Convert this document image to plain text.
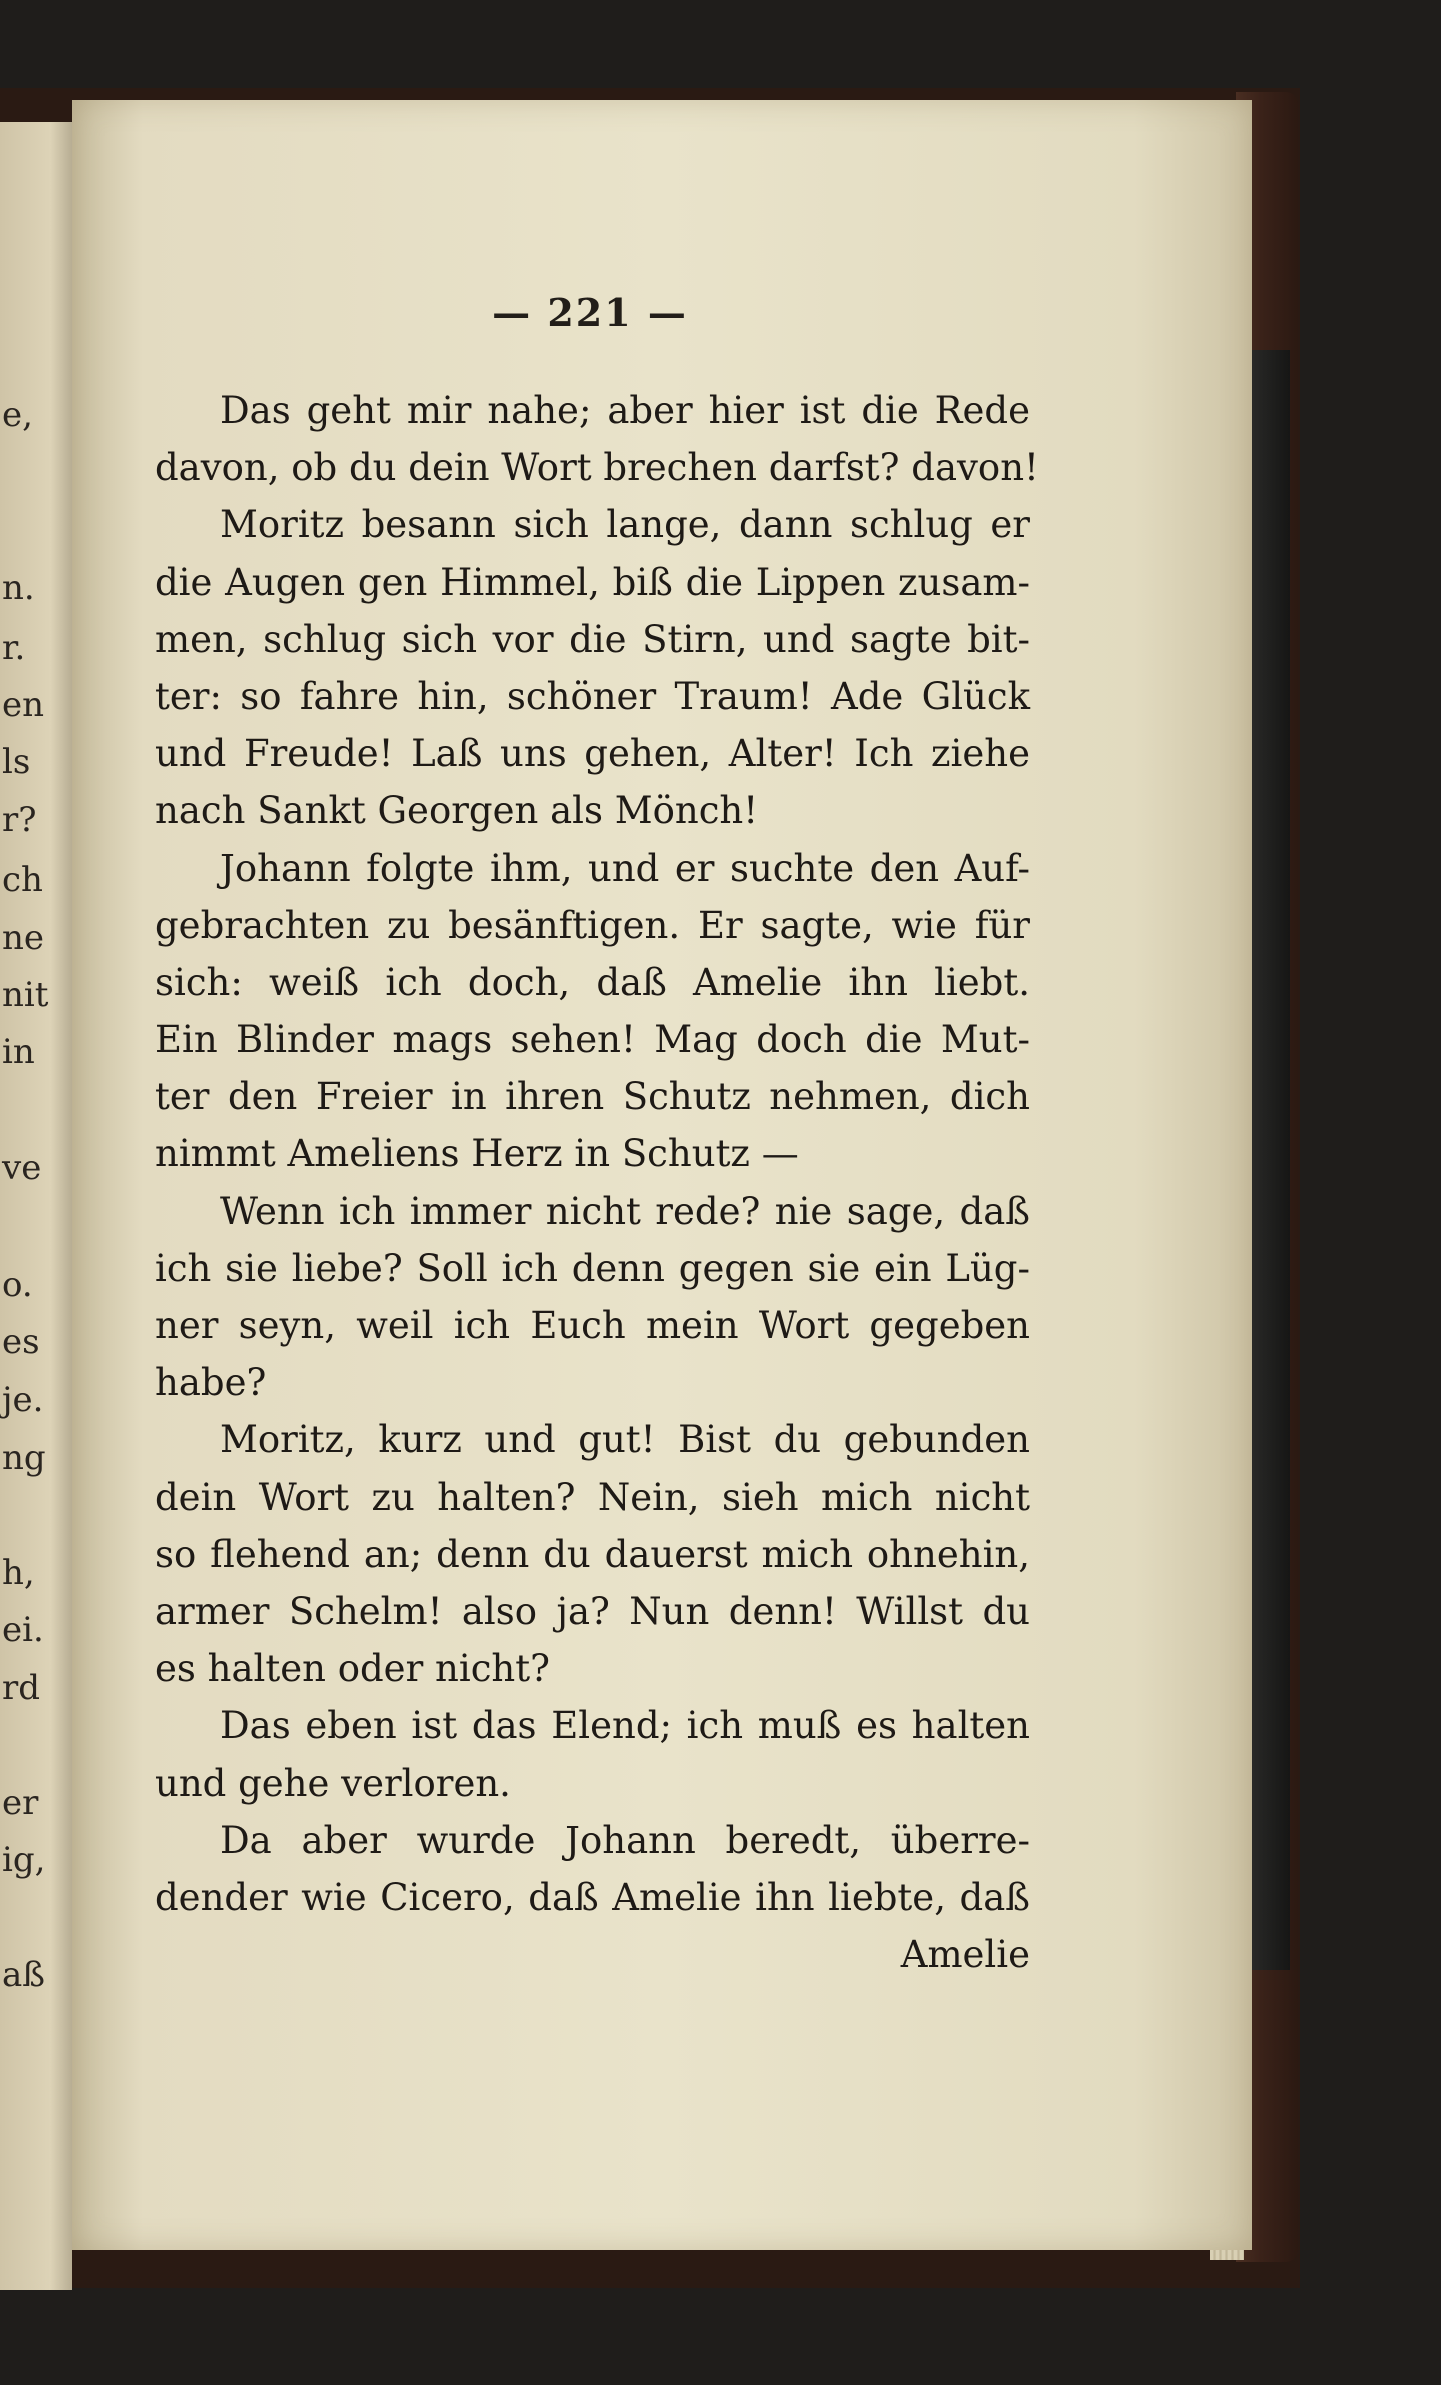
e,
n.
r.
en
ls
r?
ch
ne
nit
in
ve
o.
es
je.
ng
h,
ei.
rd
er
ig,
aß
— 221 —
Das geht mir nahe; aber hier ist die Rede
davon, ob du dein Wort brechen darfst? davon!
Moritz besann sich lange, dann schlug er
die Augen gen Himmel, biß die Lippen zusam-
men, schlug sich vor die Stirn, und sagte bit-
ter: so fahre hin, schöner Traum! Ade Glück
und Freude! Laß uns gehen, Alter! Ich ziehe
nach Sankt Georgen als Mönch!
Johann folgte ihm, und er suchte den Auf-
gebrachten zu besänftigen. Er sagte, wie für
sich: weiß ich doch, daß Amelie ihn liebt.
Ein Blinder mags sehen! Mag doch die Mut-
ter den Freier in ihren Schutz nehmen, dich
nimmt Ameliens Herz in Schutz —
Wenn ich immer nicht rede? nie sage, daß
ich sie liebe? Soll ich denn gegen sie ein Lüg-
ner seyn, weil ich Euch mein Wort gegeben
habe?
Moritz, kurz und gut! Bist du gebunden
dein Wort zu halten? Nein, sieh mich nicht
so flehend an; denn du dauerst mich ohnehin,
armer Schelm! also ja? Nun denn! Willst du
es halten oder nicht?
Das eben ist das Elend; ich muß es halten
und gehe verloren.
Da aber wurde Johann beredt, überre-
dender wie Cicero, daß Amelie ihn liebte, daß
Amelie
